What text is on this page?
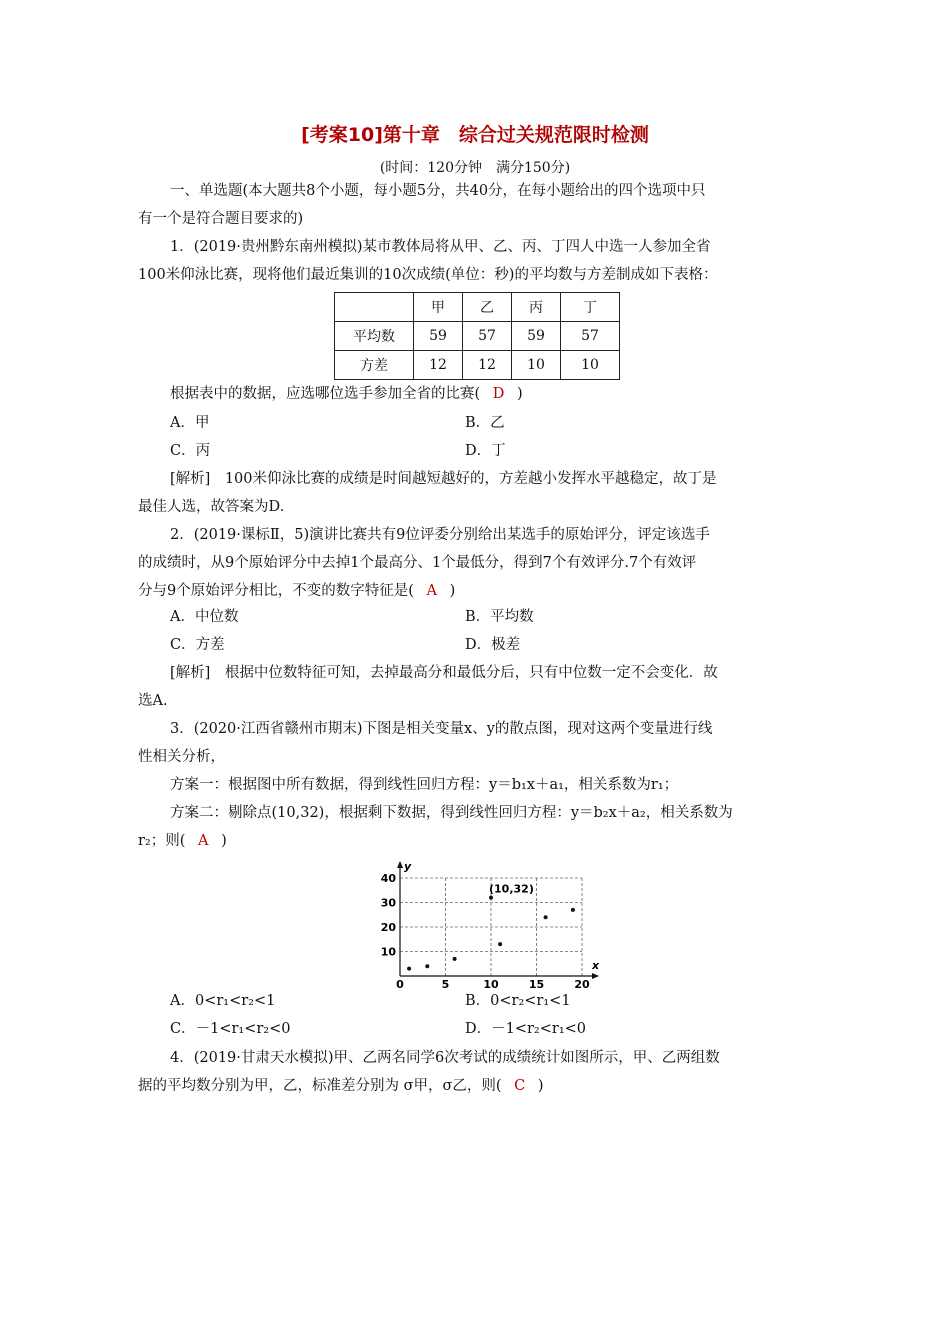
[考案10]第十章　综合过关规范限时检测
(时间：120分钟　满分150分)
一、单选题(本大题共8个小题，每小题5分，共40分，在每小题给出的四个选项中只
有一个是符合题目要求的)
1．(2019·贵州黔东南州模拟)某市教体局将从甲、乙、丙、丁四人中选一人参加全省
100米仰泳比赛，现将他们最近集训的10次成绩(单位：秒)的平均数与方差制成如下表格：
	甲	乙	丙	丁
平均数	59	57	59	57
方差	12	12	10	10
根据表中的数据，应选哪位选手参加全省的比赛( D )
A．甲	B．乙
C．丙	D．丁
[解析]　100米仰泳比赛的成绩是时间越短越好的，方差越小发挥水平越稳定，故丁是
最佳人选，故答案为D.
2．(2019·课标Ⅱ，5)演讲比赛共有9位评委分别给出某选手的原始评分，评定该选手
的成绩时，从9个原始评分中去掉1个最高分、1个最低分，得到7个有效评分.7个有效评
分与9个原始评分相比，不变的数字特征是( A )
A．中位数	B．平均数
C．方差	D．极差
[解析]　根据中位数特征可知，去掉最高分和最低分后，只有中位数一定不会变化．故
选A.
3．(2020·江西省赣州市期末)下图是相关变量x、y的散点图，现对这两个变量进行线
性相关分析，
方案一：根据图中所有数据，得到线性回归方程：y＝b₁x＋a₁，相关系数为r₁；
方案二：剔除点(10,32)，根据剩下数据，得到线性回归方程：y＝b₂x＋a₂，相关系数为
r₂；则( A )
y
x
0	5	10	15	20
10
20
30
40
(10,32)
A．0<r₁<r₂<1	B．0<r₂<r₁<1
C．－1<r₁<r₂<0	D．－1<r₂<r₁<0
4．(2019·甘肃天水模拟)甲、乙两名同学6次考试的成绩统计如图所示，甲、乙两组数
据的平均数分别为甲，乙，标准差分别为 σ甲，σ乙，则( C )
